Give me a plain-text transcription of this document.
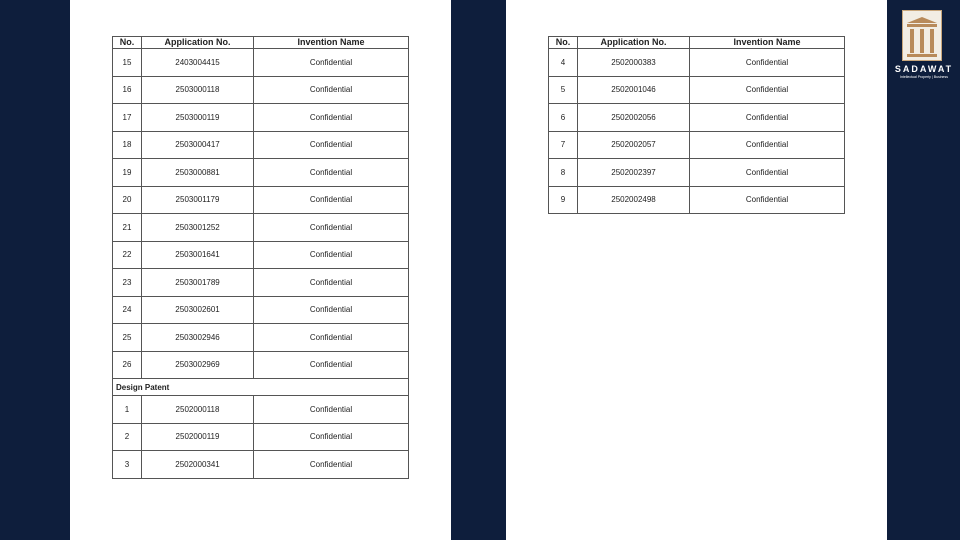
No.	Application No.	Invention Name
15	2403004415	Confidential
16	2503000118	Confidential
17	2503000119	Confidential
18	2503000417	Confidential
19	2503000881	Confidential
20	2503001179	Confidential
21	2503001252	Confidential
22	2503001641	Confidential
23	2503001789	Confidential
24	2503002601	Confidential
25	2503002946	Confidential
26	2503002969	Confidential
Design Patent		
1	2502000118	Confidential
2	2502000119	Confidential
3	2502000341	Confidential
No.	Application No.	Invention Name
4	2502000383	Confidential
5	2502001046	Confidential
6	2502002056	Confidential
7	2502002057	Confidential
8	2502002397	Confidential
9	2502002498	Confidential
SADAWAT
Intellectual Property | Business
